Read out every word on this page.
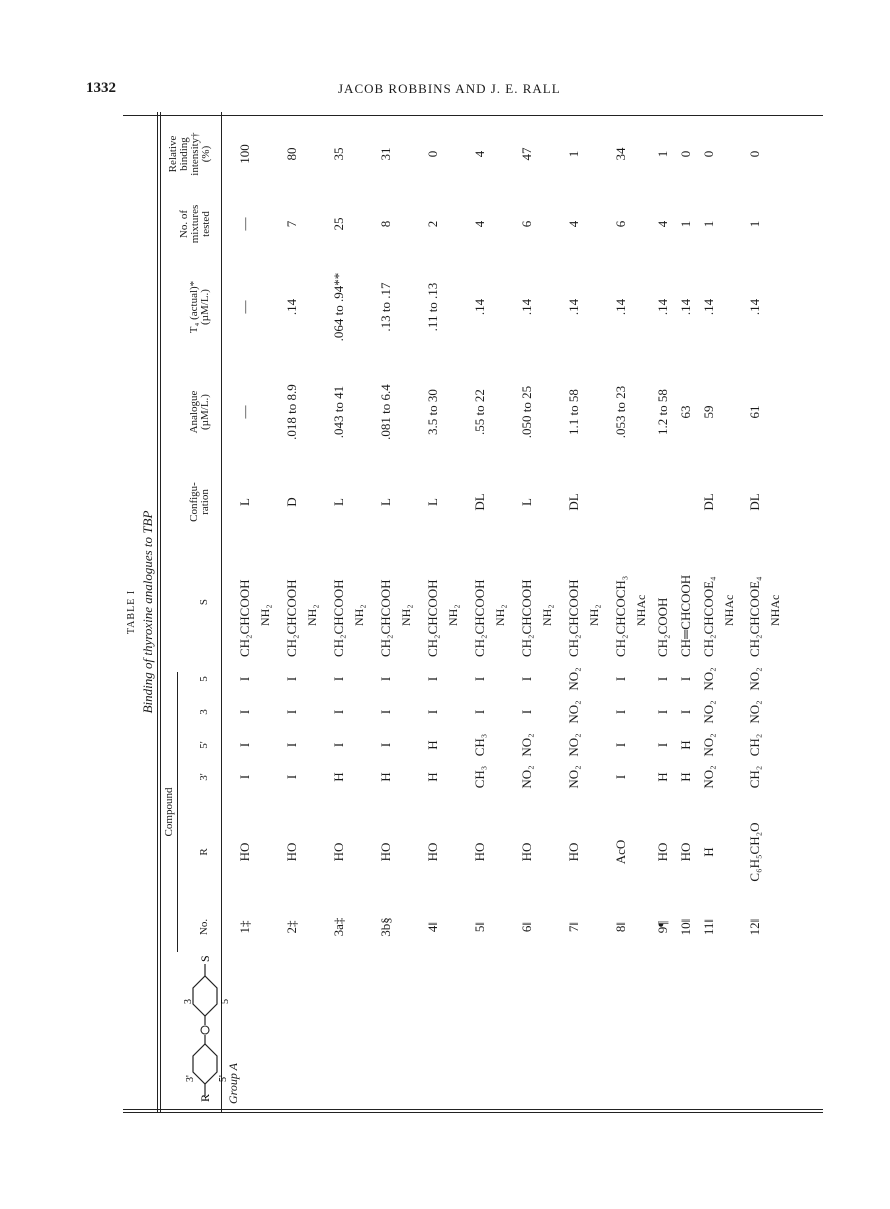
1332	JACOB ROBBINS AND J. E. RALL
TABLE I Binding of thyroxine analogues to TBP
Compound
No.
R
3'
5'
3
5
S
Configu- ration
Analogue (µM/L.)
T₄ (actual)* (µM/L.)
No. of mixtures tested
Relative binding intensity† (%)
Group A
R
3' 5'
3	5
S
1‡
HO
I
I
I
I
CH₂CHCOOH NH₂
L
—
—
—
100
2‡
HO
I
I
I
I
CH₂CHCOOH NH₂
D
.018 to 8.9
.14
7
80
3a‡
HO
H
I
I
I
CH₂CHCOOH NH₂
L
.043 to 41
.064 to .94**
25
35
3b§
HO
H
I
I
I
CH₂CHCOOH NH₂
L
.081 to 6.4
.13 to .17
8
31
4‖
HO
H
H
I
I
CH₂CHCOOH NH₂
L
3.5 to 30
.11 to .13
2
0
5‖
HO
CH₃
CH₃
I
I
CH₂CHCOOH NH₂
DL
.55 to 22
.14
4
4
6‖
HO
NO₂
NO₂
I
I
CH₂CHCOOH NH₂
L
.050 to 25
.14
6
47
7‖
HO
NO₂
NO₂
NO₂
NO₂
CH₂CHCOOH NH₂
DL
1.1 to 58
.14
4
1
8‖
AcO
I
I
I
I
CH₂CHCOCH₃ NHAc
.053 to 23
.14
6
34
9¶
HO
H
I
I
I
CH₂COOH
1.2 to 58
.14
4
1
10‖
HO
H
H
I
I
CH═CHCOOH
63
.14
1
0
11‖
H
NO₂
NO₂
NO₂
NO₂
CH₂CHCOOE₄ NHAc
DL
59
.14
1
0
12‖
C₆H₅CH₂O
CH₂
CH₂
NO₂
NO₂
CH₂CHCOOE₄ NHAc
DL
61
.14
1
0
